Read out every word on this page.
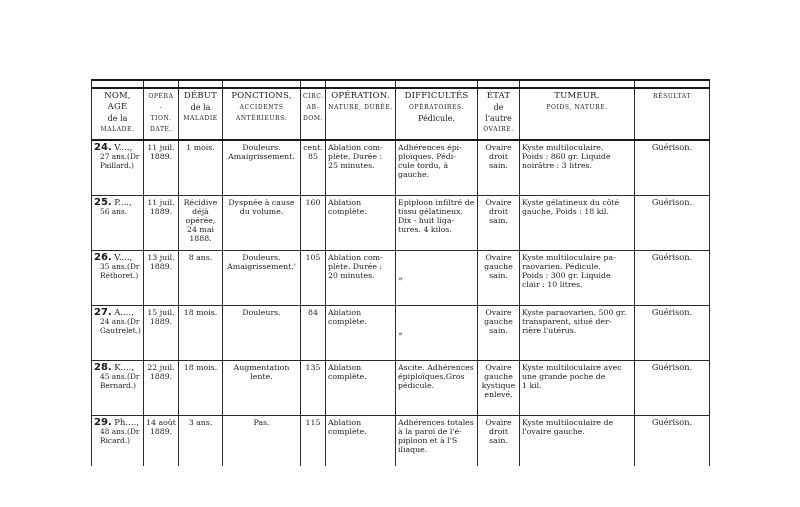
NOM, AGE
de la
MALADE.	OPÉRA -
TION.
DATE.	DÉBUT
de la
MALADIE	PONCTIONS,
ACCIDENTS
ANTÉRIEURS.	CIRC.
AB-
DOM.	OPÉRATION.
NATURE, DURÉE.	DIFFICULTÉS
OPÉRATOIRES.
Pédicule.	ÉTAT
de l'autre
OVAIRE.	TUMEUR.
POIDS, NATURE.	RÉSULTAT

24. V....,
27 ans.(Dr
Paillard.)	11 juil.
1889.	1 mois.	Douleurs.
Amaigrissement.	cent.
85	Ablation com-
plète. Durée :
25 minutes.	Adhérences épi-
ploïques. Pédi-
cule tordu, à
gauche.	Ovaire
droit
sain.	Kyste multiloculaire.
Poids : 860 gr. Liquide
noirâtre : 3 litres.	Guérison.

25. P....,
56 ans.	11 juil.
1889.	Récidive
déjà
opérée,
24 mai
1888.	Dyspnée à cause
du volume.	160	Ablation
complète.	Epiploon infiltré de
tissu gélatineux.
Dix - huit liga-
tures. 4 kilos.	Ovaire
droit
sain.	Kyste gélatineux du côté
gauche, Poids : 18 kil.	Guérison.

26. V....,
35 ans.(Dr
Réthoret.)	13 juil.
1889.	8 ans.	Douleurs.
Amaigrissement.'	105	Ablation com-
plète. Durée :
20 minutes.	»	Ovaire
gauche
sain.	Kyste multiloculaire pa-
raovarien. Pédicule.
Poids : 300 gr. Liquide
clair : 10 litres.	Guérison.

27. A....,
24 ans.(Dr
Gautrelet.)	15 juil.
1889.	18 mois.	Douleurs.	84	Ablation
complète.	»	Ovaire
gauche
sain.	Kyste paraovarien, 500 gr.
transparent, situé der-
rière l'utérus.	Guérison.

28. K....,
45 ans.(Dr
Bernard.)	22 juil.
1889.	18 mois.	Augmentation
lente.	135	Ablation
complète.	Ascite. Adhérences
épiploïques.Gros
pédicule.	Ovaire
gauche
kystique
enlevé.	Kyste multiloculaire avec
une grande poche de
1 kil.	Guérison.

29. Ph....,
48 ans.(Dr
Ricard.)	14 août
1889.	3 ans.	Pas.	115	Ablation
complète.	Adhérences totales
à la paroi de l'é-
piploon et à l'S
iliaque.	Ovaire
droit
sain.	Kyste multiloculaire de
l'ovaire gauche.	Guérison.
